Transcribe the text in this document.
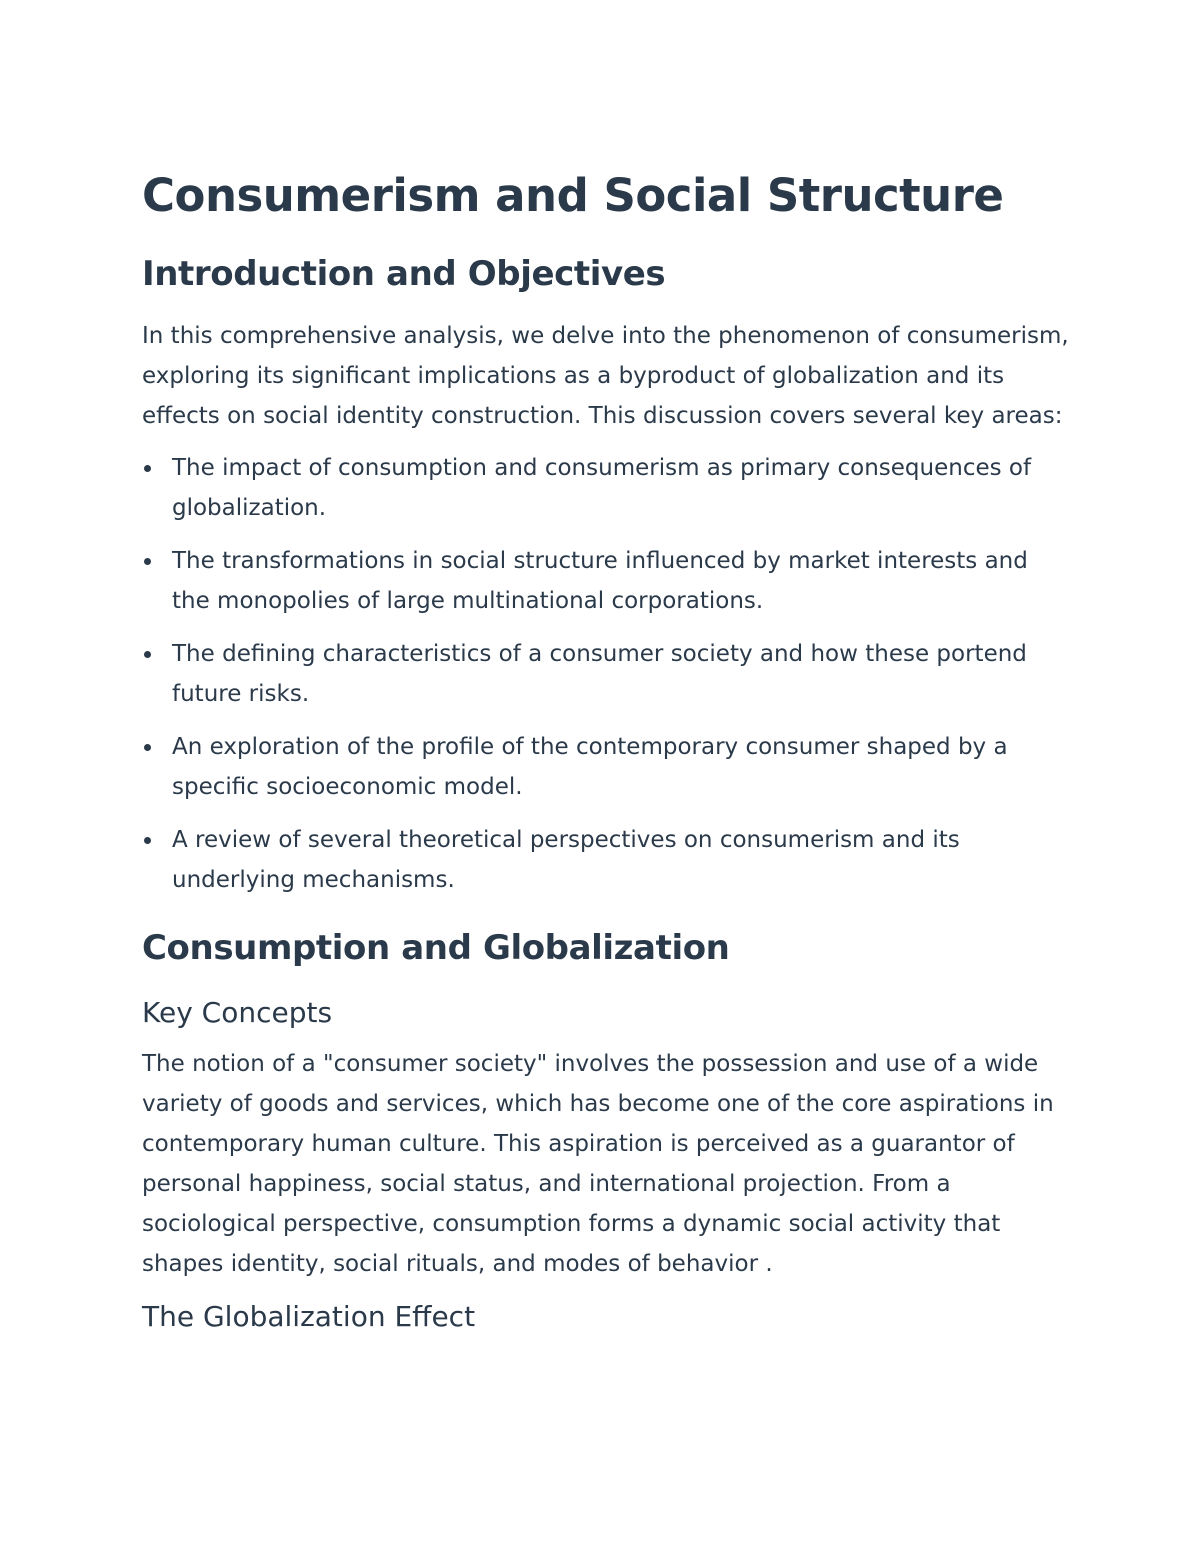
Consumerism and Social Structure
Introduction and Objectives

In this comprehensive analysis, we delve into the phenomenon of consumerism, exploring its significant implications as a byproduct of globalization and its effects on social identity construction. This discussion covers several key areas:

The impact of consumption and consumerism as primary consequences of globalization.
The transformations in social structure influenced by market interests and the monopolies of large multinational corporations.
The defining characteristics of a consumer society and how these portend future risks.
An exploration of the profile of the contemporary consumer shaped by a specific socioeconomic model.
A review of several theoretical perspectives on consumerism and its underlying mechanisms.
Consumption and Globalization
Key Concepts

The notion of a "consumer society" involves the possession and use of a wide variety of goods and services, which has become one of the core aspirations in contemporary human culture. This aspiration is perceived as a guarantor of personal happiness, social status, and international projection. From a sociological perspective, consumption forms a dynamic social activity that shapes identity, social rituals, and modes of behavior .

The Globalization Effect
